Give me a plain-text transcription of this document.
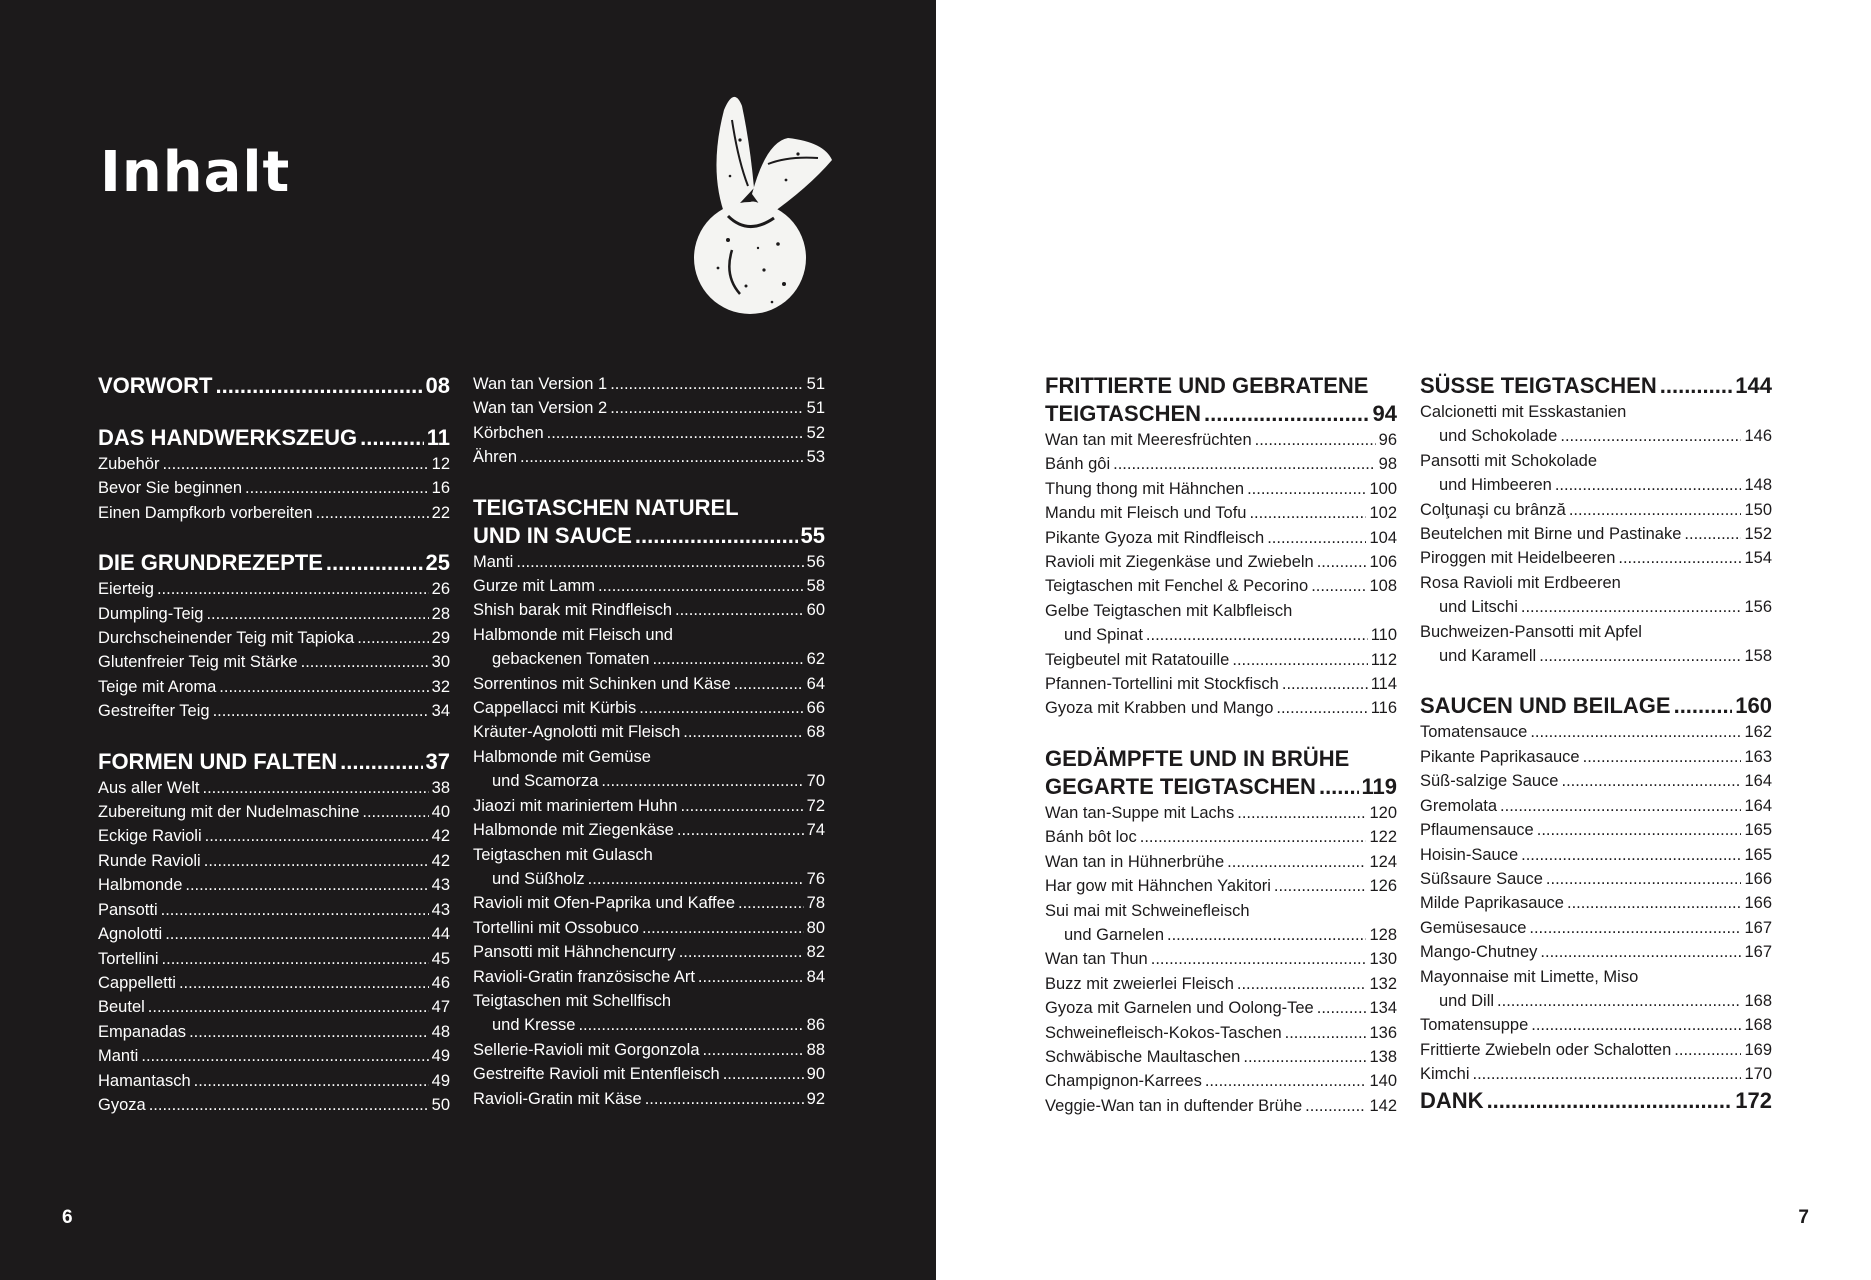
Inhalt
VORWORT .....	08
DAS HANDWERKSZEUG .....	11
Zubehör .....	12
Bevor Sie beginnen .....	16
Einen Dampfkorb vorbereiten .....	22
DIE GRUNDREZEPTE .....	25
Eierteig .....	26
Dumpling-Teig .....	28
Durchscheinender Teig mit Tapioka .....	29
Glutenfreier Teig mit Stärke .....	30
Teige mit Aroma .....	32
Gestreifter Teig .....	34
FORMEN UND FALTEN .....	37
Aus aller Welt .....	38
Zubereitung mit der Nudelmaschine .....	40
Eckige Ravioli .....	42
Runde Ravioli .....	42
Halbmonde .....	43
Pansotti .....	43
Agnolotti .....	44
Tortellini .....	45
Cappelletti .....	46
Beutel .....	47
Empanadas .....	48
Manti .....	49
Hamantasch .....	49
Gyoza .....	50
Wan tan Version 1 .....	51
Wan tan Version 2 .....	51
Körbchen .....	52
Ähren .....	53
TEIGTASCHEN NATUREL
UND IN SAUCE .....	55
Manti .....	56
Gurze mit Lamm .....	58
Shish barak mit Rindfleisch .....	60
Halbmonde mit Fleisch und
gebackenen Tomaten .....	62
Sorrentinos mit Schinken und Käse .....	64
Cappellacci mit Kürbis .....	66
Kräuter-Agnolotti mit Fleisch .....	68
Halbmonde mit Gemüse
und Scamorza .....	70
Jiaozi mit mariniertem Huhn .....	72
Halbmonde mit Ziegenkäse .....	74
Teigtaschen mit Gulasch
und Süßholz .....	76
Ravioli mit Ofen-Paprika und Kaffee .....	78
Tortellini mit Ossobuco .....	80
Pansotti mit Hähnchencurry .....	82
Ravioli-Gratin französische Art .....	84
Teigtaschen mit Schellfisch
und Kresse .....	86
Sellerie-Ravioli mit Gorgonzola .....	88
Gestreifte Ravioli mit Entenfleisch .....	90
Ravioli-Gratin mit Käse .....	92
6
FRITTIERTE UND GEBRATENE
TEIGTASCHEN .....	94
Wan tan mit Meeresfrüchten .....	96
Bánh gôi .....	98
Thung thong mit Hähnchen .....	100
Mandu mit Fleisch und Tofu .....	102
Pikante Gyoza mit Rindfleisch .....	104
Ravioli mit Ziegenkäse und Zwiebeln .....	106
Teigtaschen mit Fenchel & Pecorino .....	108
Gelbe Teigtaschen mit Kalbfleisch
und Spinat .....	110
Teigbeutel mit Ratatouille .....	112
Pfannen-Tortellini mit Stockfisch .....	114
Gyoza mit Krabben und Mango .....	116
GEDÄMPFTE UND IN BRÜHE
GEGARTE TEIGTASCHEN ..... 119
Wan tan-Suppe mit Lachs .....	120
Bánh bôt loc .....	122
Wan tan in Hühnerbrühe .....	124
Har gow mit Hähnchen Yakitori .....	126
Sui mai mit Schweinefleisch
und Garnelen .....	128
Wan tan Thun .....	130
Buzz mit zweierlei Fleisch .....	132
Gyoza mit Garnelen und Oolong-Tee .....	134
Schweinefleisch-Kokos-Taschen .....	136
Schwäbische Maultaschen .....	138
Champignon-Karrees .....	140
Veggie-Wan tan in duftender Brühe .....	142
SÜSSE TEIGTASCHEN .....	144
Calcionetti mit Esskastanien
und Schokolade .....	146
Pansotti mit Schokolade
und Himbeeren .....	148
Colţunaşi cu brânză .....	150
Beutelchen mit Birne und Pastinake .....	152
Piroggen mit Heidelbeeren .....	154
Rosa Ravioli mit Erdbeeren
und Litschi .....	156
Buchweizen-Pansotti mit Apfel
und Karamell .....	158
SAUCEN UND BEILAGE .....	160
Tomatensauce .....	162
Pikante Paprikasauce .....	163
Süß-salzige Sauce .....	164
Gremolata .....	164
Pflaumensauce .....	165
Hoisin-Sauce .....	165
Süßsaure Sauce .....	166
Milde Paprikasauce .....	166
Gemüsesauce .....	167
Mango-Chutney .....	167
Mayonnaise mit Limette, Miso
und Dill .....	168
Tomatensuppe .....	168
Frittierte Zwiebeln oder Schalotten .....	169
Kimchi .....	170
DANK .....	172
7
